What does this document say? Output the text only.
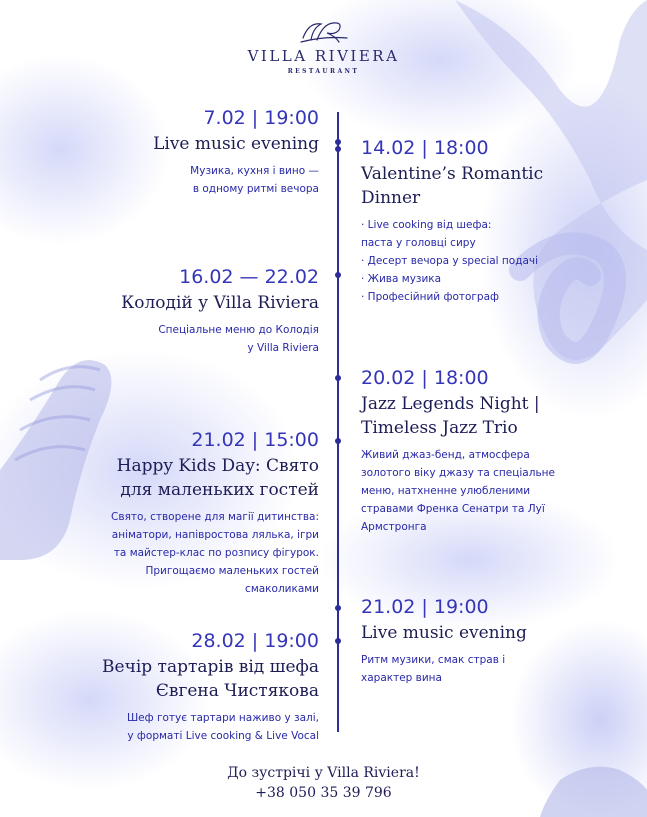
VILLA RIVIERA
RESTAURANT
7.02 | 19:00
Live music evening
Музика, кухня і вино —
в одному ритмі вечора
14.02 | 18:00
Valentine’s Romantic
Dinner
· Live cooking від шефа:
паста у головці сиру
· Десерт вечора у special подачі
· Жива музика
· Професійний фотограф
16.02 — 22.02
Колодій у Villa Riviera
Спеціальне меню до Колодія
у Villa Riviera
20.02 | 18:00
Jazz Legends Night |
Timeless Jazz Trio
Живий джаз-бенд, атмосфера
золотого віку джазу та спеціальне
меню, натхненне улюбленими
стравами Френка Сенатри та Луї
Армстронга
21.02 | 15:00
Happy Kids Day: Свято
для маленьких гостей
Свято, створене для магії дитинства:
аніматори, напівростова лялька, ігри
та майстер-клас по розпису фігурок.
Пригощаємо маленьких гостей
смаколиками
21.02 | 19:00
Live music evening
Ритм музики, смак страв і
характер вина
28.02 | 19:00
Вечір тартарів від шефа
Євгена Чистякова
Шеф готує тартари наживо у залі,
у форматі Live cooking & Live Vocal
До зустрічі у Villa Riviera!
+38 050 35 39 796
